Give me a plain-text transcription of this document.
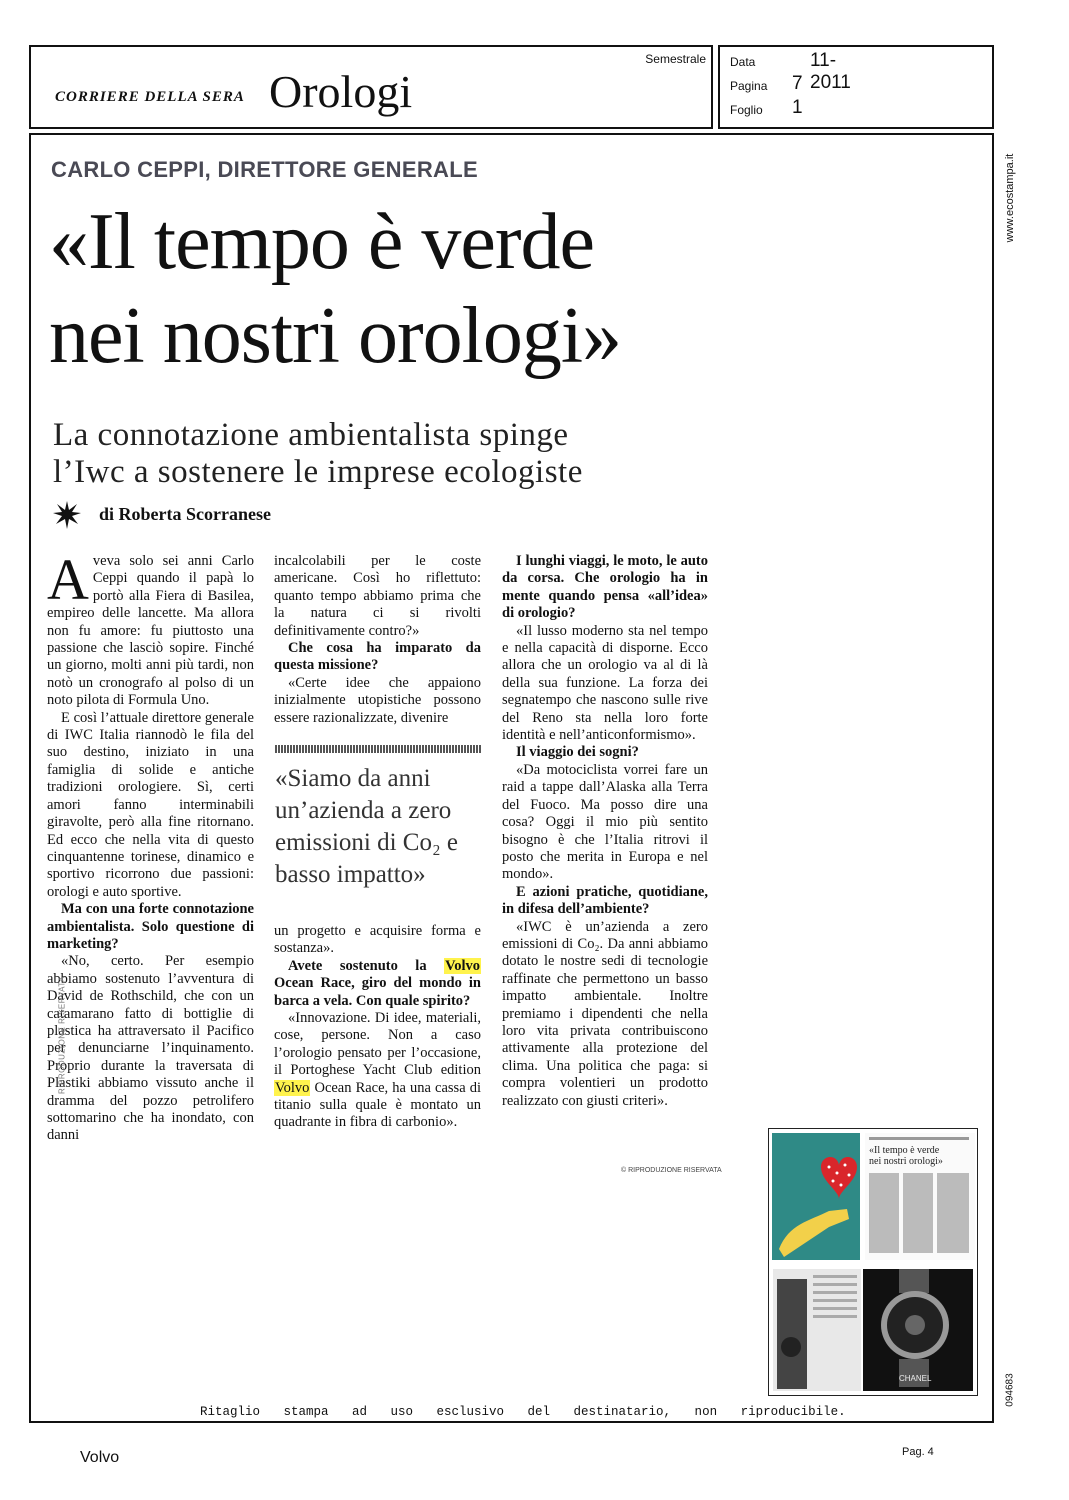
CORRIERE DELLA SERA Orologi
Semestrale Data	11-2011
Pagina 7
Foglio 1
CARLO CEPPI, DIRETTORE GENERALE
«Il tempo è verde
nei nostri orologi»
La connotazione ambientalista spinge
l’Iwc a sostenere le imprese ecologiste
di Roberta Scorranese

Aveva solo sei anni Carlo Ceppi quando il papà lo portò alla Fiera di Basilea, empireo delle lancette. Ma allora non fu amore: fu piuttosto una passione che lasciò sopire. Finché un giorno, molti anni più tardi, non notò un cronografo al polso di un noto pilota di Formula Uno.

E così l’attuale direttore generale di IWC Italia riannodò le fila del suo destino, iniziato in una famiglia di solide e antiche tradizioni orologiere. Sì, certi amori fanno interminabili giravolte, però alla fine ritornano. Ed ecco che nella vita di questo cinquantenne torinese, dinamico e sportivo ricorrono due passioni: orologi e auto sportive.

Ma con una forte connotazione ambientalista. Solo questione di marketing?

«No, certo. Per esempio abbiamo sostenuto l’avventura di David de Rothschild, che con un catamarano fatto di bottiglie di plastica ha attraversato il Pacifico per denunciarne l’inquinamento. Proprio durante la traversata di Plastiki abbiamo vissuto anche il dramma del pozzo petrolifero sottomarino che ha inondato, con danni

incalcolabili per le coste americane. Così ho riflettuto: quanto tempo abbiamo prima che la natura ci si rivolti definitivamente contro?»

Che cosa ha imparato da questa missione?

«Certe idee che appaiono inizialmente utopistiche possono essere razionalizzate, divenire

«Siamo da anni un’azienda a zero emissioni di Co₂ e basso impatto»

un progetto e acquisire forma e sostanza».

Avete sostenuto la Volvo Ocean Race, giro del mondo in barca a vela. Con quale spirito?

«Innovazione. Di idee, materiali, cose, persone. Non a caso l’orologio pensato per l’occasione, il Portoghese Yacht Club edition Volvo Ocean Race, ha una cassa di titanio sulla quale è montato un quadrante in fibra di carbonio».

I lunghi viaggi, le moto, le auto da corsa. Che orologio ha in mente quando pensa «all’idea» di orologio?

«Il lusso moderno sta nel tempo e nella capacità di disporne. Ecco allora che un orologio va al di là della sua funzione. La forza dei segnatempo che nascono sulle rive del Reno sta nella loro forte identità e nell’anticonformismo».

Il viaggio dei sogni?

«Da motociclista vorrei fare un raid a tappe dall’Alaska alla Terra del Fuoco. Ma posso dire una cosa? Oggi il mio più sentito bisogno è che l’Italia ritrovi il posto che merita in Europa e nel mondo».

E azioni pratiche, quotidiane, in difesa dell’ambiente?

«IWC è un’azienda a zero emissioni di Co₂. Da anni abbiamo dotato le nostre sedi di tecnologie raffinate che permettono un basso impatto ambientale. Inoltre premiamo i dipendenti che nella loro vita privata contribuiscono attivamente alla protezione del clima. Una politica che paga: si compra volentieri un prodotto realizzato con giusti criteri».

© RIPRODUZIONE RISERVATA
RIPRODUZIONE RISERVATA
«Il tempo è verde
nei nostri orologi»
CHANEL
www.ecostampa.it
094683
Ritaglio stampa ad uso esclusivo del destinatario, non riproducibile.
Volvo	Pag. 4
